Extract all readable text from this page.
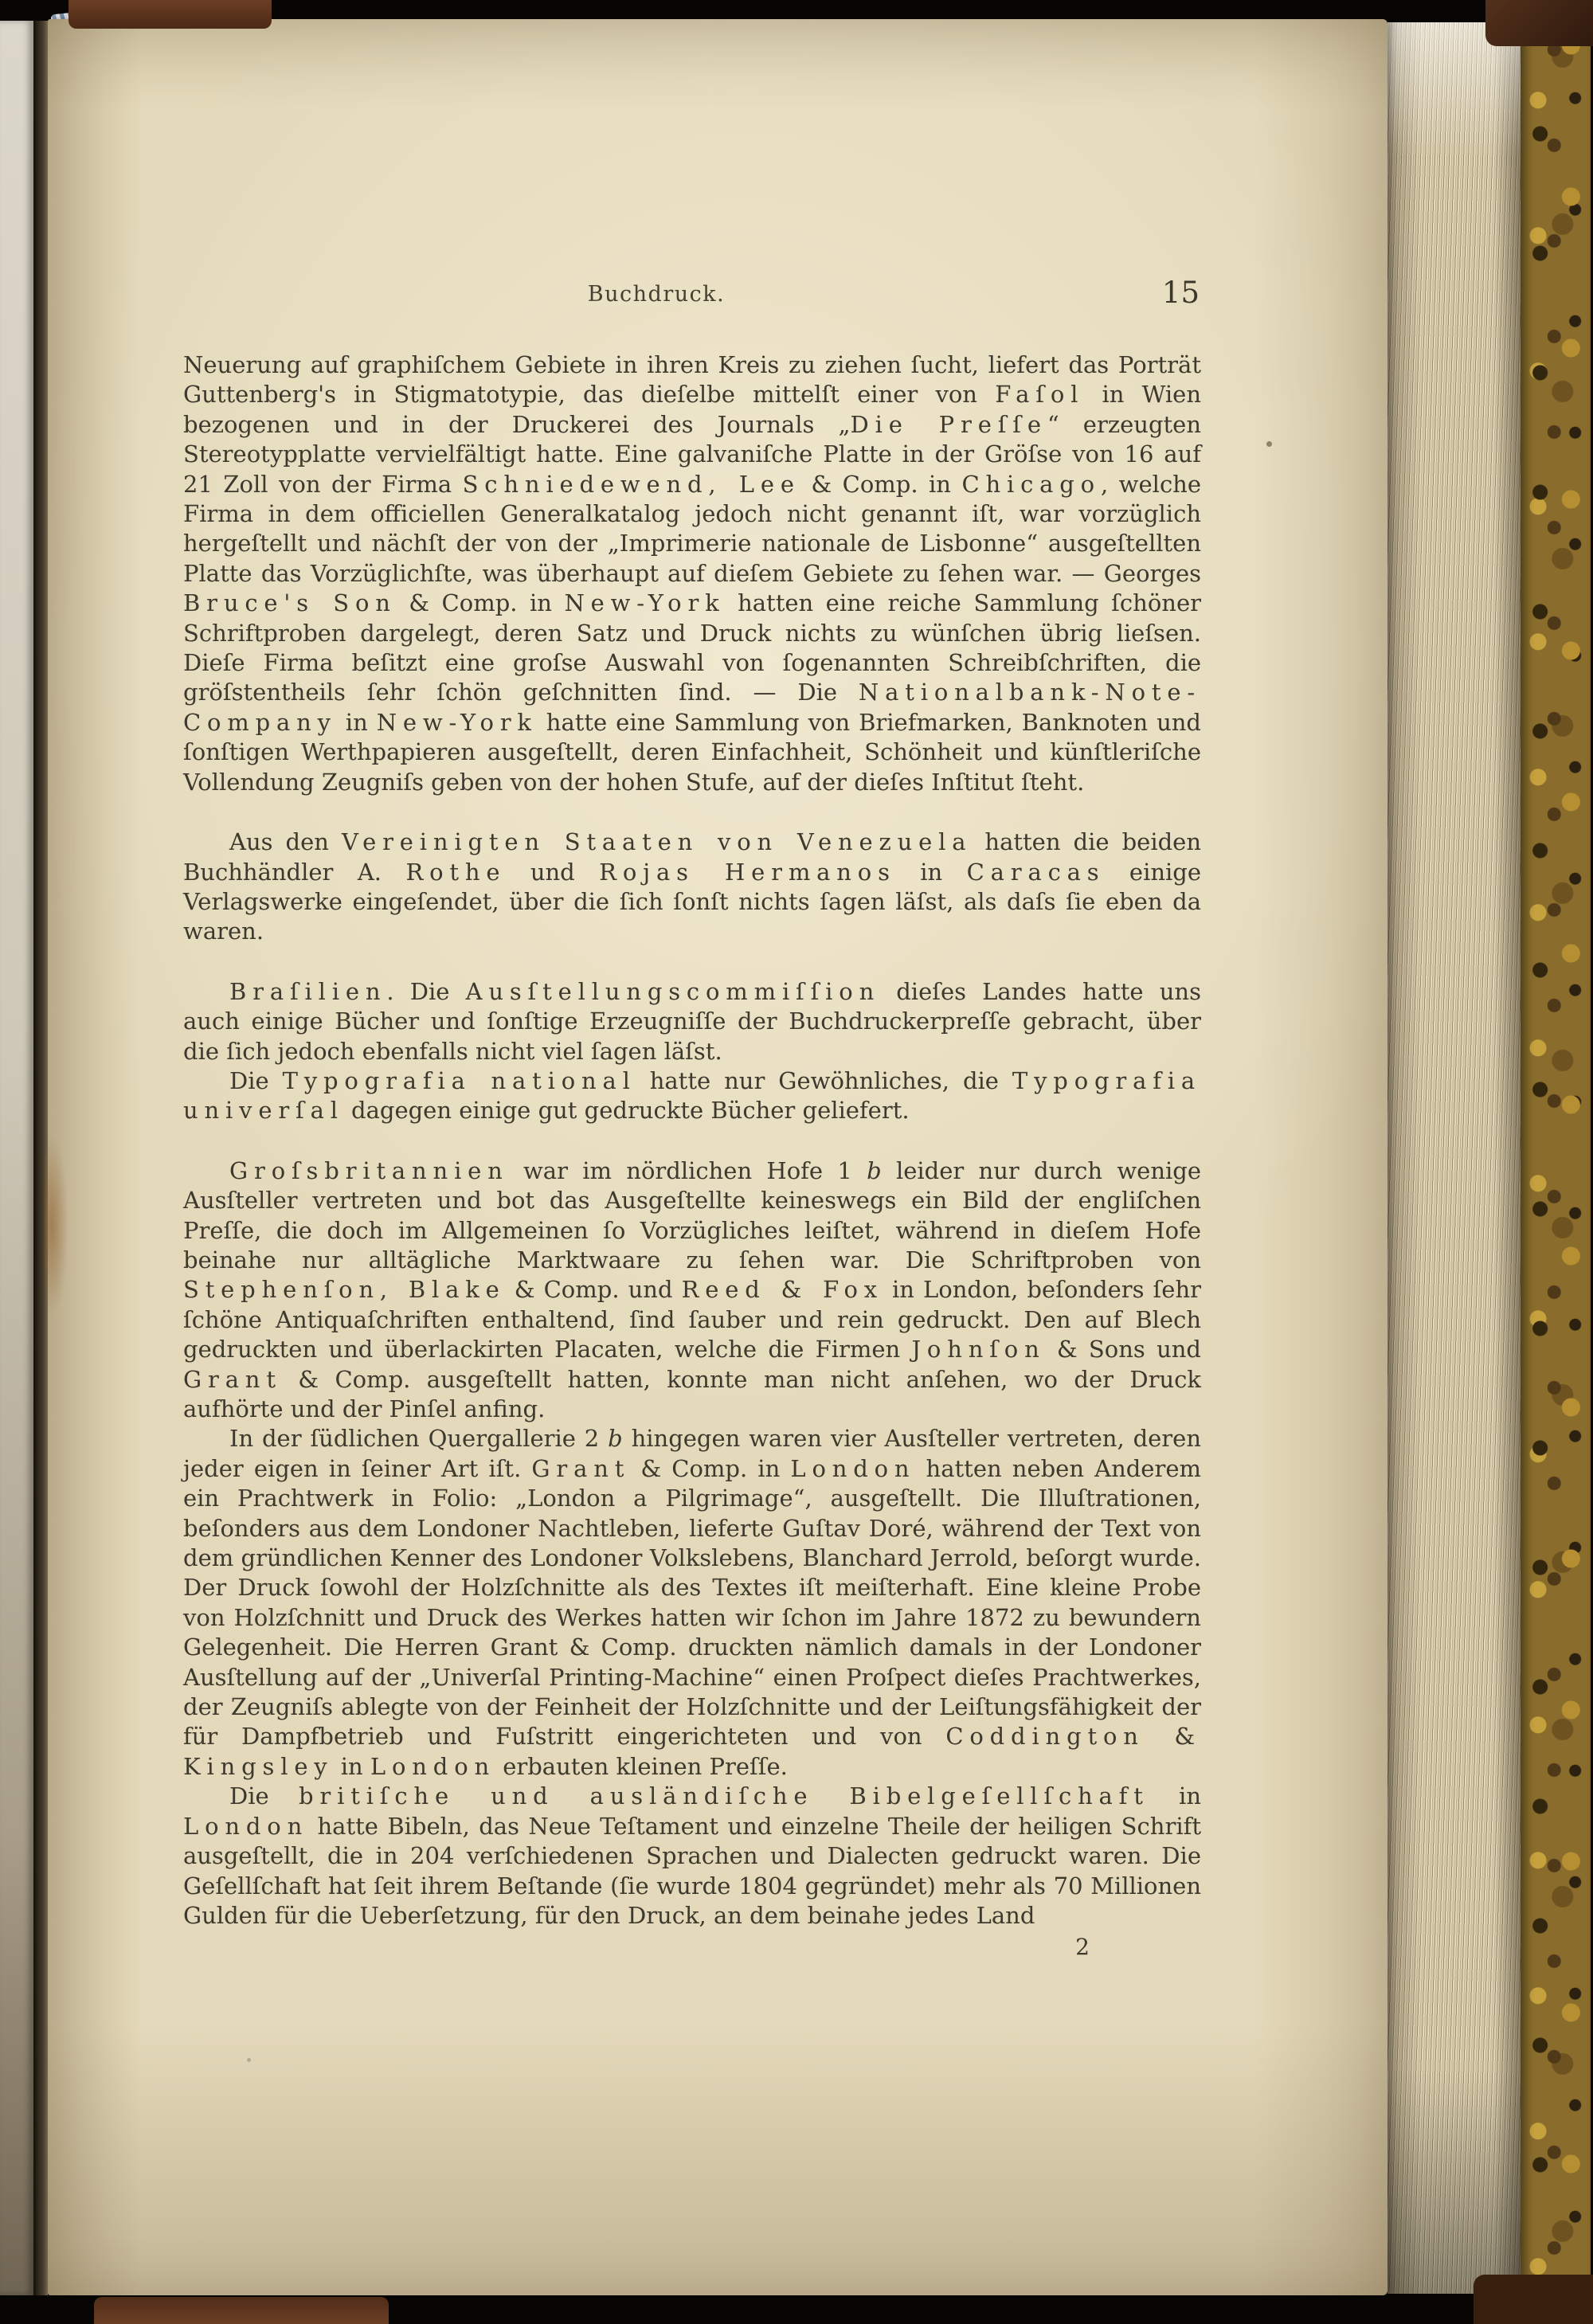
Buchdruck.	15

Neuerung auf graphiſchem Gebiete in ihren Kreis zu ziehen ſucht, liefert das Porträt Guttenberg's in Stigmatotypie, das dieſelbe mittelſt einer von Faſol in Wien bezogenen und in der Druckerei des Journals „Die Preſſe“ erzeugten Stereotypplatte vervielfältigt hatte. Eine galvaniſche Platte in der Gröſse von 16 auf 21 Zoll von der Firma Schniedewend, Lee & Comp. in Chicago, welche Firma in dem officiellen Generalkatalog jedoch nicht genannt iſt, war vorzüglich hergeſtellt und nächſt der von der „Imprimerie nationale de Lisbonne“ ausgeſtellten Platte das Vorzüglichſte, was überhaupt auf dieſem Gebiete zu ſehen war. — Georges Bruce's Son & Comp. in New-York hatten eine reiche Sammlung ſchöner Schriftproben dargelegt, deren Satz und Druck nichts zu wünſchen übrig lieſsen. Dieſe Firma beſitzt eine groſse Auswahl von ſogenannten Schreibſchriften, die gröſstentheils ſehr ſchön geſchnitten ſind. — Die Nationalbank-Note-Company in New-York hatte eine Sammlung von Briefmarken, Banknoten und ſonſtigen Werthpapieren ausgeſtellt, deren Einfachheit, Schönheit und künſtleriſche Vollendung Zeugniſs geben von der hohen Stufe, auf der dieſes Inſtitut ſteht.

Aus den Vereinigten Staaten von Venezuela hatten die beiden Buchhändler A. Rothe und Rojas Hermanos in Caracas einige Verlagswerke eingeſendet, über die ſich ſonſt nichts ſagen läſst, als daſs ſie eben da waren.

Braſilien. Die Ausſtellungscommiſſion dieſes Landes hatte uns auch einige Bücher und ſonſtige Erzeugniſſe der Buchdruckerpreſſe gebracht, über die ſich jedoch ebenfalls nicht viel ſagen läſst.

Die Typografia national hatte nur Gewöhnliches, die Typografia univerſal dagegen einige gut gedruckte Bücher geliefert.

Groſsbritannien war im nördlichen Hofe 1 b leider nur durch wenige Ausſteller vertreten und bot das Ausgeſtellte keineswegs ein Bild der engliſchen Preſſe, die doch im Allgemeinen ſo Vorzügliches leiſtet, während in dieſem Hofe beinahe nur alltägliche Marktwaare zu ſehen war. Die Schriftproben von Stephenſon, Blake & Comp. und Reed & Fox in London, beſonders ſehr ſchöne Antiquaſchriften enthaltend, ſind ſauber und rein gedruckt. Den auf Blech gedruckten und überlackirten Placaten, welche die Firmen Johnſon & Sons und Grant & Comp. ausgeſtellt hatten, konnte man nicht anſehen, wo der Druck aufhörte und der Pinſel anfing.

In der ſüdlichen Quergallerie 2 b hingegen waren vier Ausſteller vertreten, deren jeder eigen in ſeiner Art iſt. Grant & Comp. in London hatten neben Anderem ein Prachtwerk in Folio: „London a Pilgrimage“, ausgeſtellt. Die Illuſtrationen, beſonders aus dem Londoner Nachtleben, lieferte Guſtav Doré, während der Text von dem gründlichen Kenner des Londoner Volkslebens, Blanchard Jerrold, beſorgt wurde. Der Druck ſowohl der Holzſchnitte als des Textes iſt meiſterhaft. Eine kleine Probe von Holzſchnitt und Druck des Werkes hatten wir ſchon im Jahre 1872 zu bewundern Gelegenheit. Die Herren Grant & Comp. druckten nämlich damals in der Londoner Ausſtellung auf der „Univerſal Printing-Machine“ einen Proſpect dieſes Prachtwerkes, der Zeugniſs ablegte von der Feinheit der Holzſchnitte und der Leiſtungsfähigkeit der für Dampfbetrieb und Fuſstritt eingerichteten und von Coddington & Kingsley in London erbauten kleinen Preſſe.

Die britiſche und ausländiſche Bibelgeſellſchaft in London hatte Bibeln, das Neue Teſtament und einzelne Theile der heiligen Schrift ausgeſtellt, die in 204 verſchiedenen Sprachen und Dialecten gedruckt waren. Die Geſellſchaft hat ſeit ihrem Beſtande (ſie wurde 1804 gegründet) mehr als 70 Millionen Gulden für die Ueberſetzung, für den Druck, an dem beinahe jedes Land

2
